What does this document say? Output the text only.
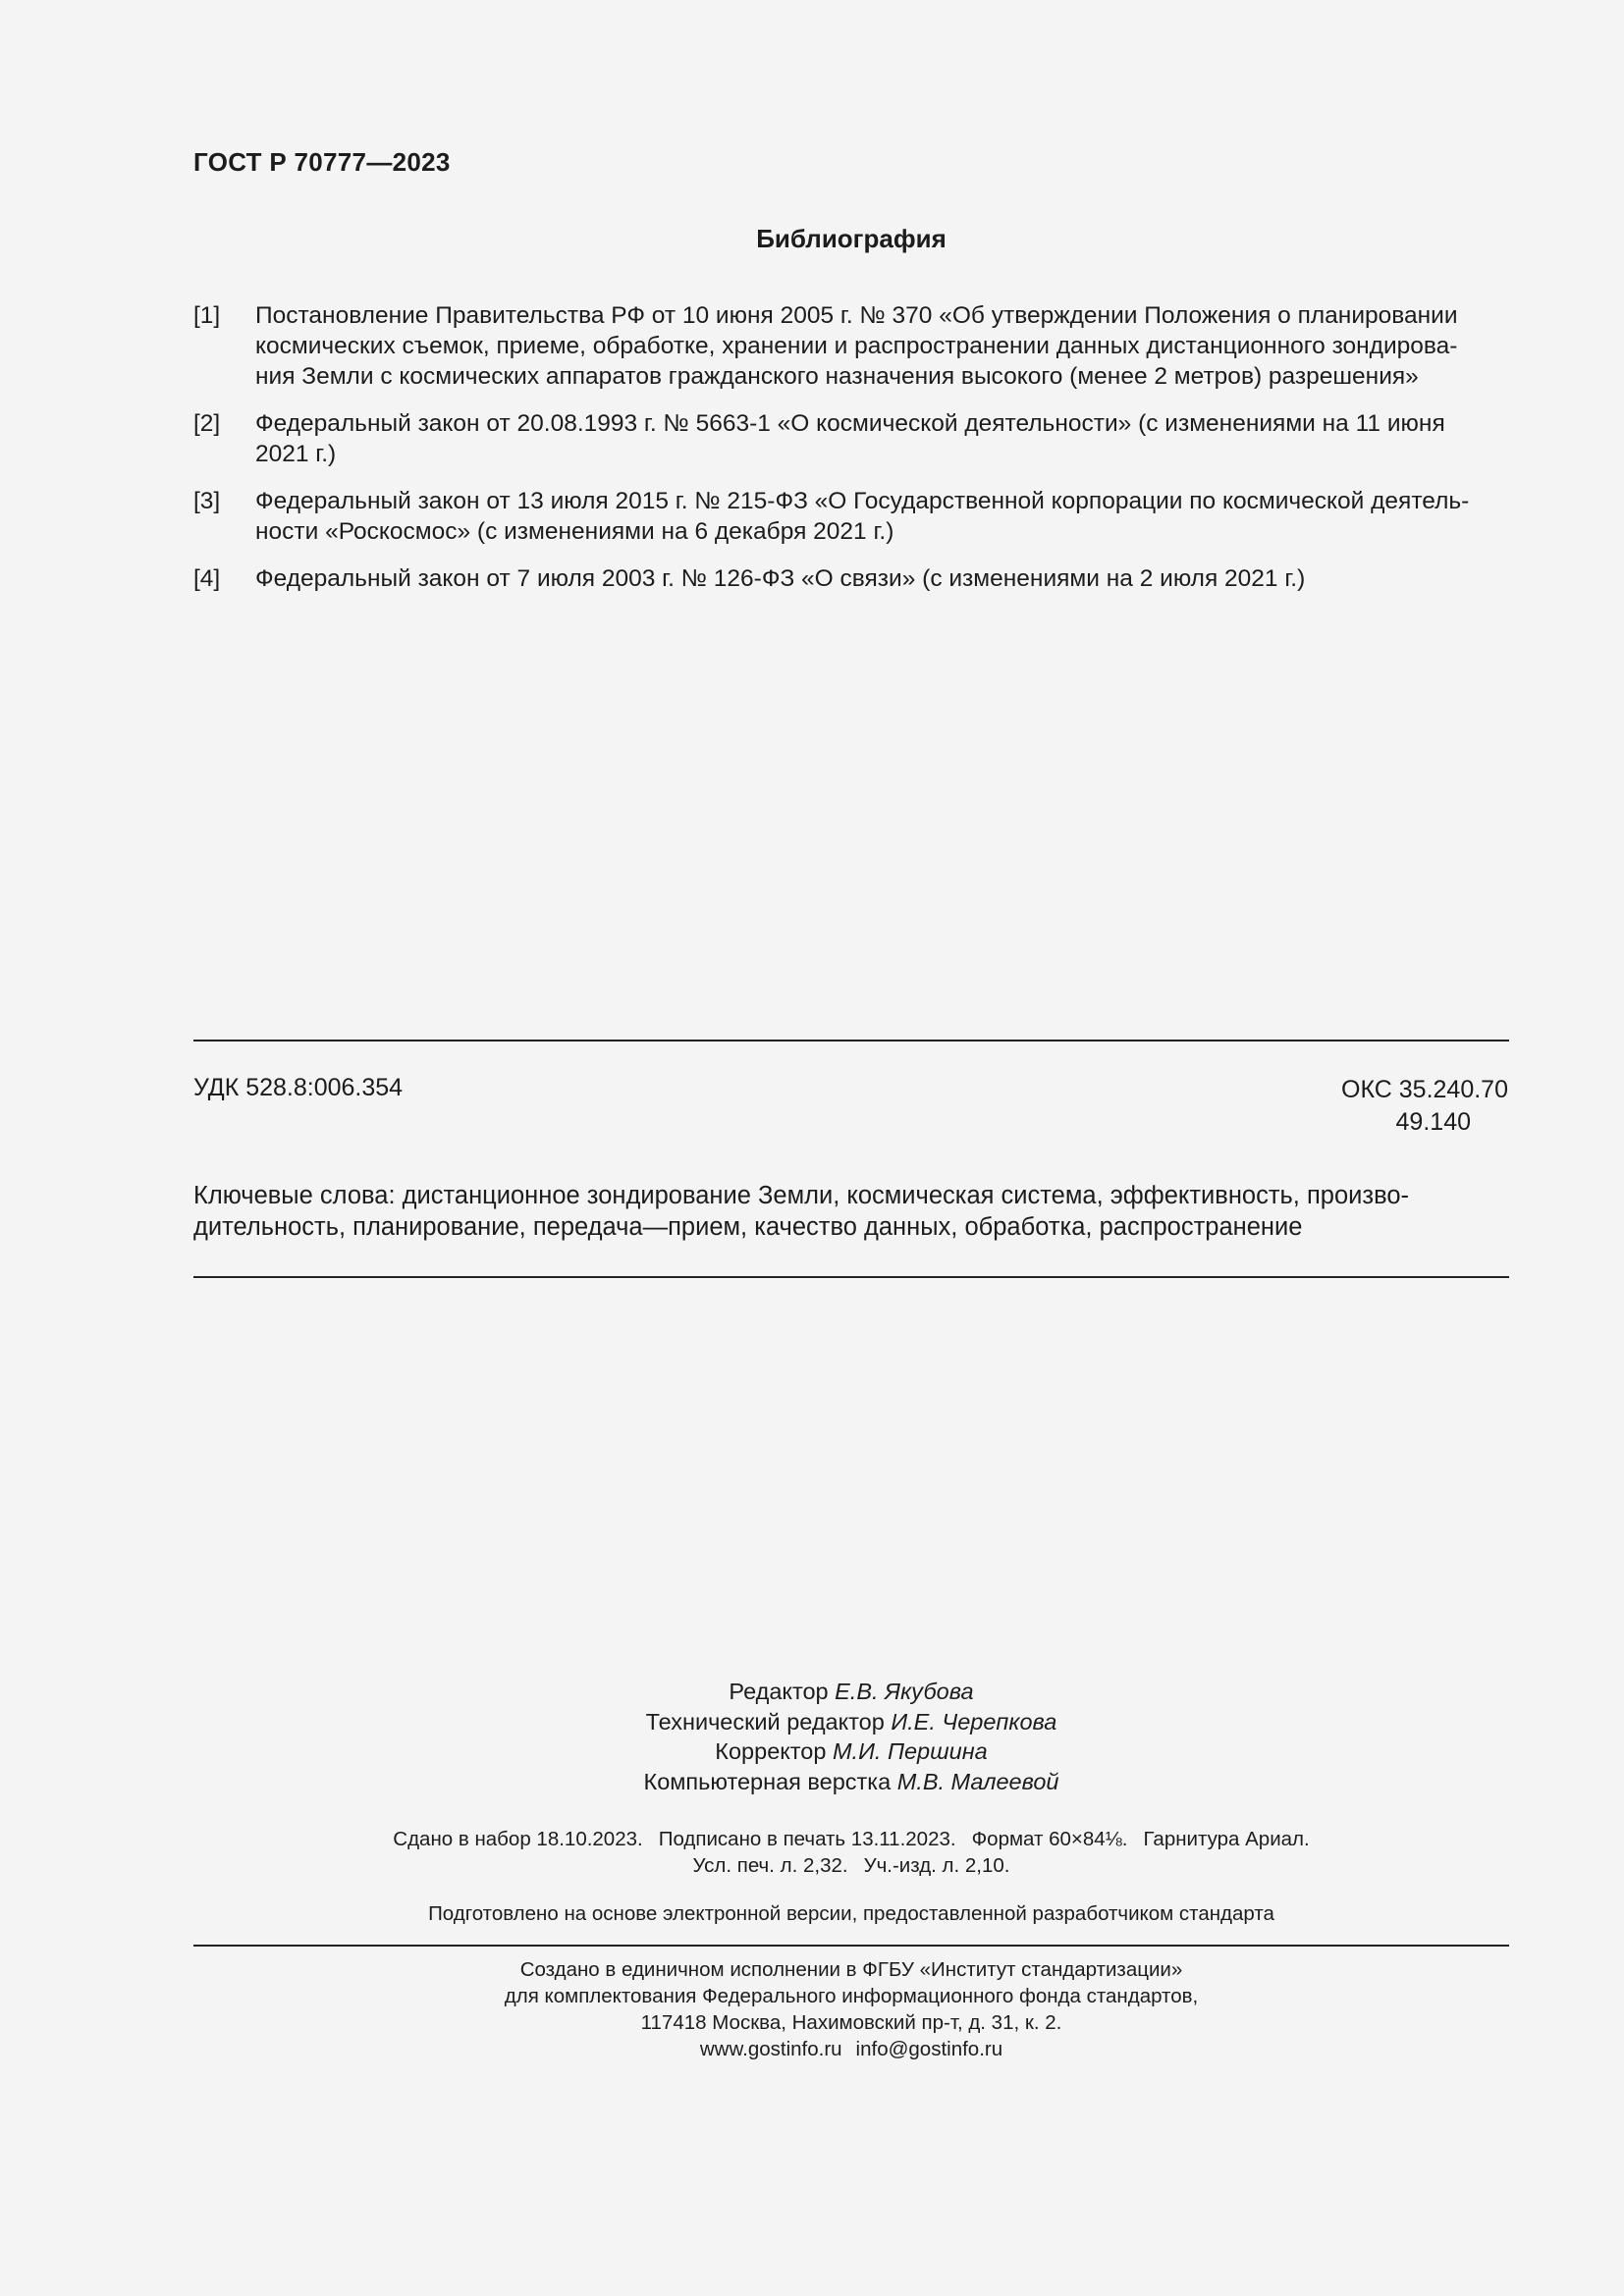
ГОСТ Р 70777—2023
Библиография
[1] Постановление Правительства РФ от 10 июня 2005 г. № 370 «Об утверждении Положения о планировании
космических съемок, приеме, обработке, хранении и распространении данных дистанционного зондирова-
ния Земли с космических аппаратов гражданского назначения высокого (менее 2 метров) разрешения»
[2] Федеральный закон от 20.08.1993 г. № 5663-1 «О космической деятельности» (с изменениями на 11 июня
2021 г.)
[3] Федеральный закон от 13 июля 2015 г. № 215-ФЗ «О Государственной корпорации по космической деятель-
ности «Роскосмос» (с изменениями на 6 декабря 2021 г.)
[4] Федеральный закон от 7 июля 2003 г. № 126-ФЗ «О связи» (с изменениями на 2 июля 2021 г.)
УДК 528.8:006.354	ОКС 35.240.70
49.140
Ключевые слова: дистанционное зондирование Земли, космическая система, эффективность, произво-
дительность, планирование, передача—прием, качество данных, обработка, распространение
Редактор Е.В. Якубова
Технический редактор И.Е. Черепкова
Корректор М.И. Першина
Компьютерная верстка М.В. Малеевой
Сдано в набор 18.10.2023. Подписано в печать 13.11.2023. Формат 60×84⅛. Гарнитура Ариал.
Усл. печ. л. 2,32. Уч.-изд. л. 2,10.
Подготовлено на основе электронной версии, предоставленной разработчиком стандарта
Создано в единичном исполнении в ФГБУ «Институт стандартизации»
для комплектования Федерального информационного фонда стандартов,
117418 Москва, Нахимовский пр-т, д. 31, к. 2.
www.gostinfo.ru info@gostinfo.ru
